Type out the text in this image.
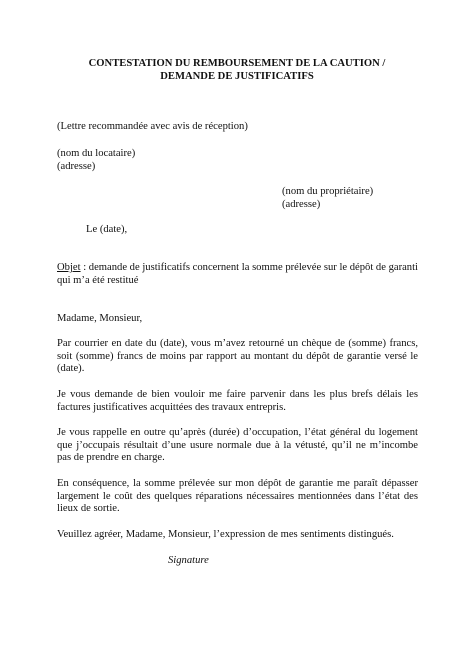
CONTESTATION DU REMBOURSEMENT DE LA CAUTION /
DEMANDE DE JUSTIFICATIFS
(Lettre recommandée avec avis de réception)
(nom du locataire)
(adresse)
(nom du propriétaire)
(adresse)
Le (date),
Objet : demande de justificatifs concernent la somme prélevée sur le dépôt de garanti qui m’a été restitué
Madame, Monsieur,
Par courrier en date du (date), vous m’avez retourné un chèque de (somme) francs, soit (somme) francs de moins par rapport au montant du dépôt de garantie versé le (date).
Je vous demande de bien vouloir me faire parvenir dans les plus brefs délais les factures justificatives acquittées des travaux entrepris.
Je vous rappelle en outre qu’après (durée) d’occupation, l’état général du logement que j’occupais résultait d’une usure normale due à la vétusté, qu’il ne m’incombe pas de prendre en charge.
En conséquence, la somme prélevée sur mon dépôt de garantie me paraît dépasser largement le coût des quelques réparations nécessaires mentionnées dans l’état des lieux de sortie.
Veuillez agréer, Madame, Monsieur, l’expression de mes sentiments distingués.
Signature
